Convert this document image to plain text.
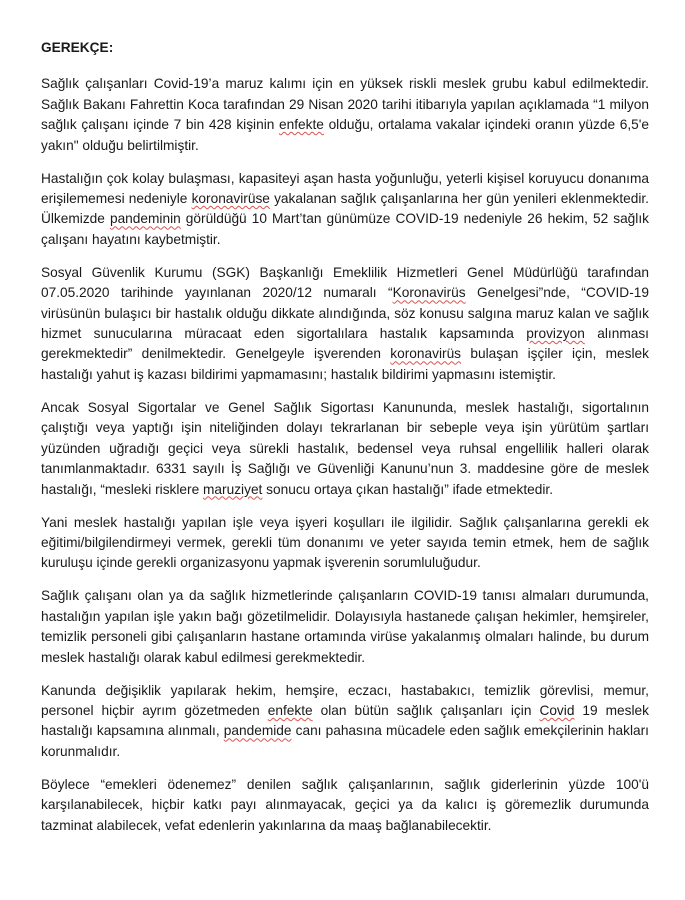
GEREKÇE:

Sağlık çalışanları Covid-19’a maruz kalımı için en yüksek riskli meslek grubu kabul edilmektedir. Sağlık Bakanı Fahrettin Koca tarafından 29 Nisan 2020 tarihi itibarıyla yapılan açıklamada “1 milyon sağlık çalışanı içinde 7 bin 428 kişinin enfekte olduğu, ortalama vakalar içindeki oranın yüzde 6,5'e yakın" olduğu belirtilmiştir.

Hastalığın çok kolay bulaşması, kapasiteyi aşan hasta yoğunluğu, yeterli kişisel koruyucu donanıma erişilememesi nedeniyle koronavirüse yakalanan sağlık çalışanlarına her gün yenileri eklenmektedir. Ülkemizde pandeminin görüldüğü 10 Mart’tan günümüze COVID-19 nedeniyle 26 hekim, 52 sağlık çalışanı hayatını kaybetmiştir.

Sosyal Güvenlik Kurumu (SGK) Başkanlığı Emeklilik Hizmetleri Genel Müdürlüğü tarafından 07.05.2020 tarihinde yayınlanan 2020/12 numaralı “Koronavirüs Genelgesi”nde, “COVID-19 virüsünün bulaşıcı bir hastalık olduğu dikkate alındığında, söz konusu salgına maruz kalan ve sağlık hizmet sunucularına müracaat eden sigortalılara hastalık kapsamında provizyon alınması gerekmektedir” denilmektedir. Genelgeyle işverenden koronavirüs bulaşan işçiler için, meslek hastalığı yahut iş kazası bildirimi yapmamasını; hastalık bildirimi yapmasını istemiştir.

Ancak Sosyal Sigortalar ve Genel Sağlık Sigortası Kanununda, meslek hastalığı, sigortalının çalıştığı veya yaptığı işin niteliğinden dolayı tekrarlanan bir sebeple veya işin yürütüm şartları yüzünden uğradığı geçici veya sürekli hastalık, bedensel veya ruhsal engellilik halleri olarak tanımlanmaktadır. 6331 sayılı İş Sağlığı ve Güvenliği Kanunu’nun 3. maddesine göre de meslek hastalığı, “mesleki risklere maruziyet sonucu ortaya çıkan hastalığı” ifade etmektedir.

Yani meslek hastalığı yapılan işle veya işyeri koşulları ile ilgilidir. Sağlık çalışanlarına gerekli ek eğitimi/bilgilendirmeyi vermek, gerekli tüm donanımı ve yeter sayıda temin etmek, hem de sağlık kuruluşu içinde gerekli organizasyonu yapmak işverenin sorumluluğudur.

Sağlık çalışanı olan ya da sağlık hizmetlerinde çalışanların COVID-19 tanısı almaları durumunda, hastalığın yapılan işle yakın bağı gözetilmelidir. Dolayısıyla hastanede çalışan hekimler, hemşireler, temizlik personeli gibi çalışanların hastane ortamında virüse yakalanmış olmaları halinde, bu durum meslek hastalığı olarak kabul edilmesi gerekmektedir.

Kanunda değişiklik yapılarak hekim, hemşire, eczacı, hastabakıcı, temizlik görevlisi, memur, personel hiçbir ayrım gözetmeden enfekte olan bütün sağlık çalışanları için Covid 19 meslek hastalığı kapsamına alınmalı, pandemide canı pahasına mücadele eden sağlık emekçilerinin hakları korunmalıdır.

Böylece “emekleri ödenemez” denilen sağlık çalışanlarının, sağlık giderlerinin yüzde 100'ü karşılanabilecek, hiçbir katkı payı alınmayacak, geçici ya da kalıcı iş göremezlik durumunda tazminat alabilecek, vefat edenlerin yakınlarına da maaş bağlanabilecektir.
